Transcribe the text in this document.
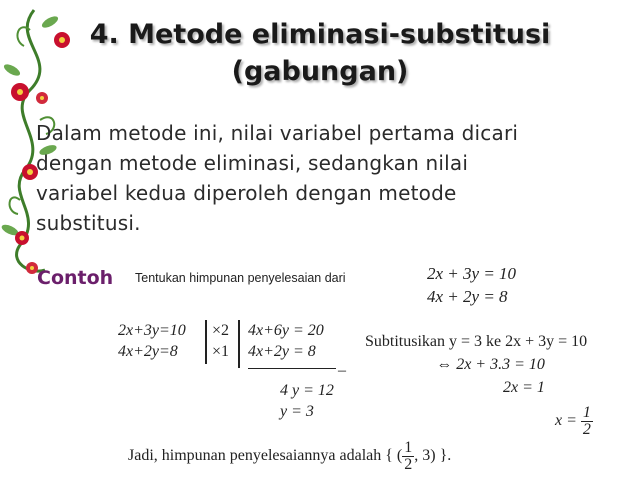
4. Metode eliminasi-substitusi
(gabungan)
Dalam metode ini, nilai variabel pertama dicari
dengan metode eliminasi, sedangkan nilai
variabel kedua diperoleh dengan metode
substitusi.
Contoh Tentukan himpunan penyelesaian dari	2x + 3y = 10
4x + 2y = 8
2x+3y=10
4x+2y=8
×2
×1
4x+6y = 20
4x+2y = 8
–
4 y = 12
y = 3
Subtitusikan y = 3 ke 2x + 3y = 10
⇔ 2x + 3.3 = 10
2x = 1
$x = \frac{1}{2}$
Jadi, himpunan penyelesaiannya adalah { ( $\frac{1}{2}$ , 3) }.
